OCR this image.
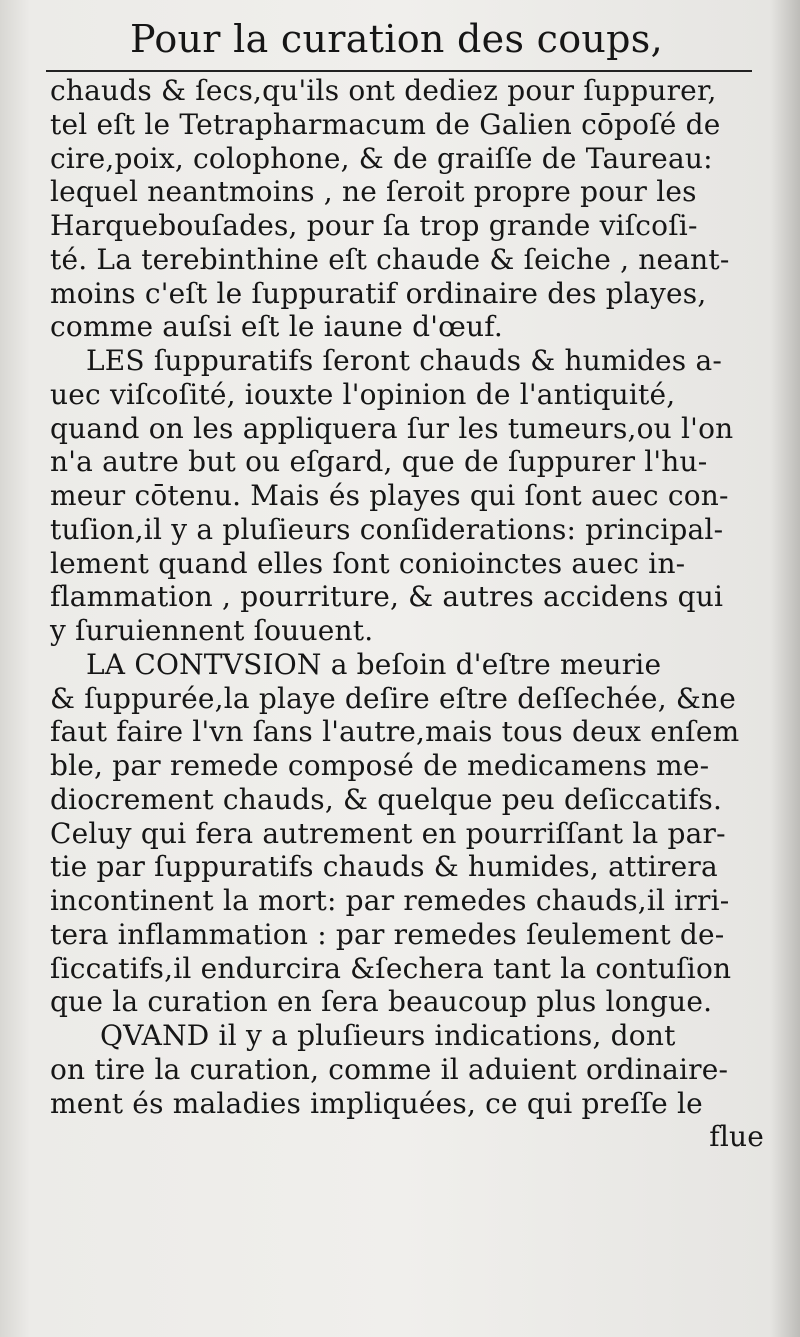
Pour la curation des coups,
chauds & ſecs,qu'ils ont dediez pour ſuppurer,
tel eſt le Tetrapharmacum de Galien cōpoſé de
cire,poix, colophone, & de graiſſe de Taureau:
lequel neantmoins , ne ſeroit propre pour les
Harquebouſades, pour ſa trop grande viſcoſi-
té. La terebinthine eſt chaude & ſeiche , neant-
moins c'eſt le ſuppuratif ordinaire des playes,
comme auſsi eſt le iaune d'œuf.
LES ſuppuratifs ſeront chauds & humides a-
uec viſcoſité, iouxte l'opinion de l'antiquité,
quand on les appliquera ſur les tumeurs,ou l'on
n'a autre but ou eſgard, que de ſuppurer l'hu-
meur cōtenu. Mais és playes qui ſont auec con-
tuſion,il y a pluſieurs conſiderations: principal-
lement quand elles ſont conioinctes auec in-
flammation , pourriture, & autres accidens qui
y ſuruiennent ſouuent.
LA CONTVSION a beſoin d'eſtre meurie
& ſuppurée,la playe deſire eſtre deſſechée, &ne
faut faire l'vn ſans l'autre,mais tous deux enſem
ble, par remede composé de medicamens me-
diocrement chauds, & quelque peu deſiccatifs.
Celuy qui fera autrement en pourriſſant la par-
tie par ſuppuratifs chauds & humides, attirera
incontinent la mort: par remedes chauds,il irri-
tera inflammation : par remedes ſeulement de-
ſiccatifs,il endurcira &ſechera tant la contuſion
que la curation en ſera beaucoup plus longue.
QVAND il y a pluſieurs indications, dont
on tire la curation, comme il aduient ordinaire-
ment és maladies impliquées, ce qui preſſe le
flue
